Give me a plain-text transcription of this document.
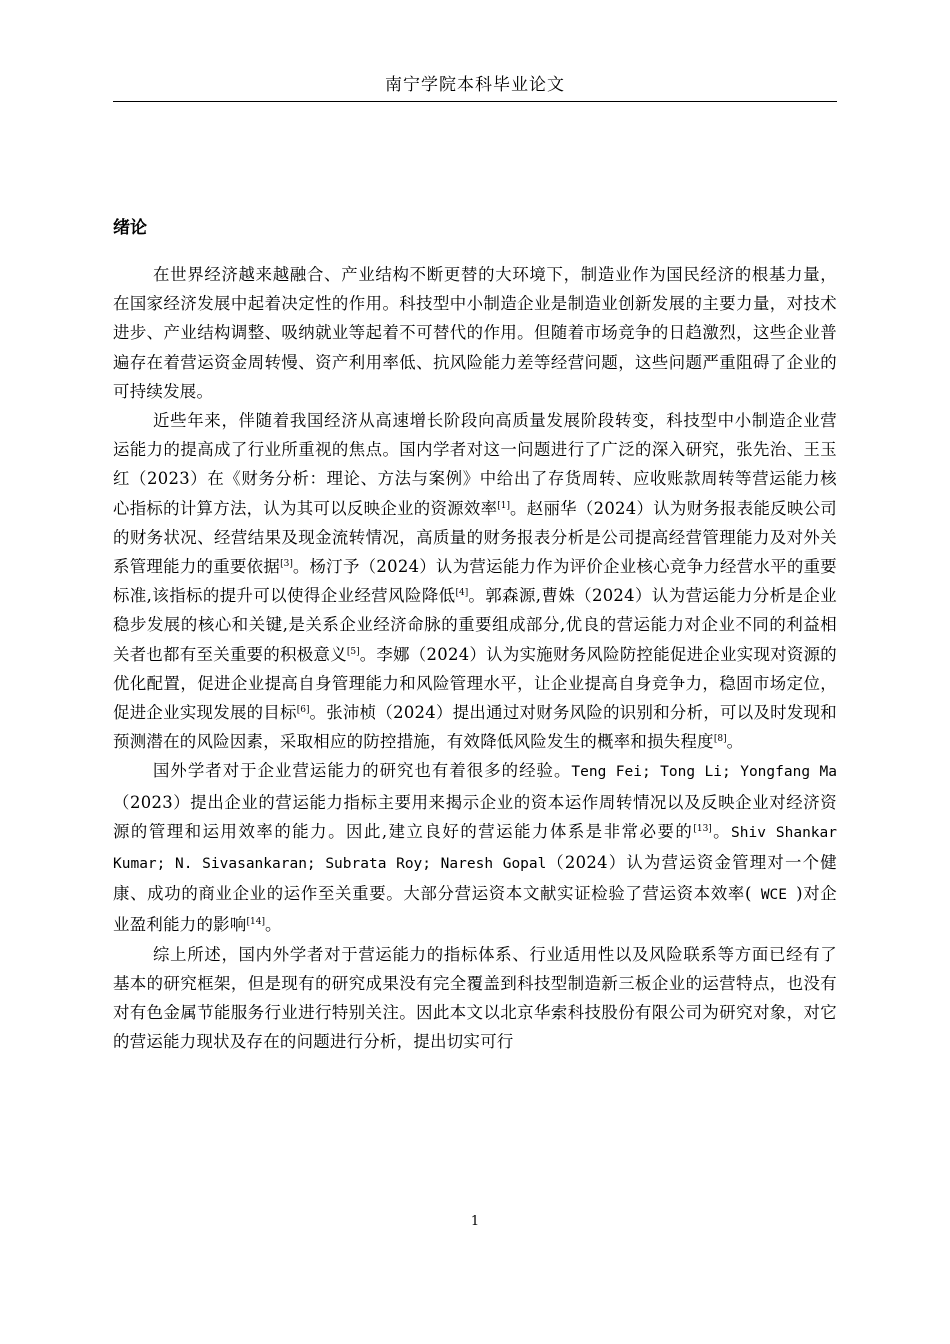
南宁学院本科毕业论文
绪论

在世界经济越来越融合、产业结构不断更替的大环境下，制造业作为国民经济的根基力量，在国家经济发展中起着决定性的作用。科技型中小制造企业是制造业创新发展的主要力量，对技术进步、产业结构调整、吸纳就业等起着不可替代的作用。但随着市场竞争的日趋激烈，这些企业普遍存在着营运资金周转慢、资产利用率低、抗风险能力差等经营问题，这些问题严重阻碍了企业的可持续发展。

近些年来，伴随着我国经济从高速增长阶段向高质量发展阶段转变，科技型中小制造企业营运能力的提高成了行业所重视的焦点。国内学者对这一问题进行了广泛的深入研究，张先治、王玉红（2023）在《财务分析：理论、方法与案例》中给出了存货周转、应收账款周转等营运能力核心指标的计算方法，认为其可以反映企业的资源效率[1]。赵丽华（2024）认为财务报表能反映公司的财务状况、经营结果及现金流转情况，高质量的财务报表分析是公司提高经营管理能力及对外关系管理能力的重要依据[3]。杨汀予（2024）认为营运能力作为评价企业核心竞争力经营水平的重要标准,该指标的提升可以使得企业经营风险降低[4]。郭森源,曹姝（2024）认为营运能力分析是企业稳步发展的核心和关键,是关系企业经济命脉的重要组成部分,优良的营运能力对企业不同的利益相关者也都有至关重要的积极意义[5]。李娜（2024）认为实施财务风险防控能促进企业实现对资源的优化配置，促进企业提高自身管理能力和风险管理水平，让企业提高自身竞争力，稳固市场定位，促进企业实现发展的目标[6]。张沛桢（2024）提出通过对财务风险的识别和分析，可以及时发现和预测潜在的风险因素，采取相应的防控措施，有效降低风险发生的概率和损失程度[8]。

国外学者对于企业营运能力的研究也有着很多的经验。Teng Fei; Tong Li; Yongfang Ma（2023）提出企业的营运能力指标主要用来揭示企业的资本运作周转情况以及反映企业对经济资源的管理和运用效率的能力。因此,建立良好的营运能力体系是非常必要的[13]。Shiv Shankar Kumar; N. Sivasankaran; Subrata Roy; Naresh Gopal（2024）认为营运资金管理对一个健康、成功的商业企业的运作至关重要。大部分营运资本文献实证检验了营运资本效率( WCE )对企业盈利能力的影响[14]。

综上所述，国内外学者对于营运能力的指标体系、行业适用性以及风险联系等方面已经有了基本的研究框架，但是现有的研究成果没有完全覆盖到科技型制造新三板企业的运营特点，也没有对有色金属节能服务行业进行特别关注。因此本文以北京华索科技股份有限公司为研究对象，对它的营运能力现状及存在的问题进行分析，提出切实可行

1
